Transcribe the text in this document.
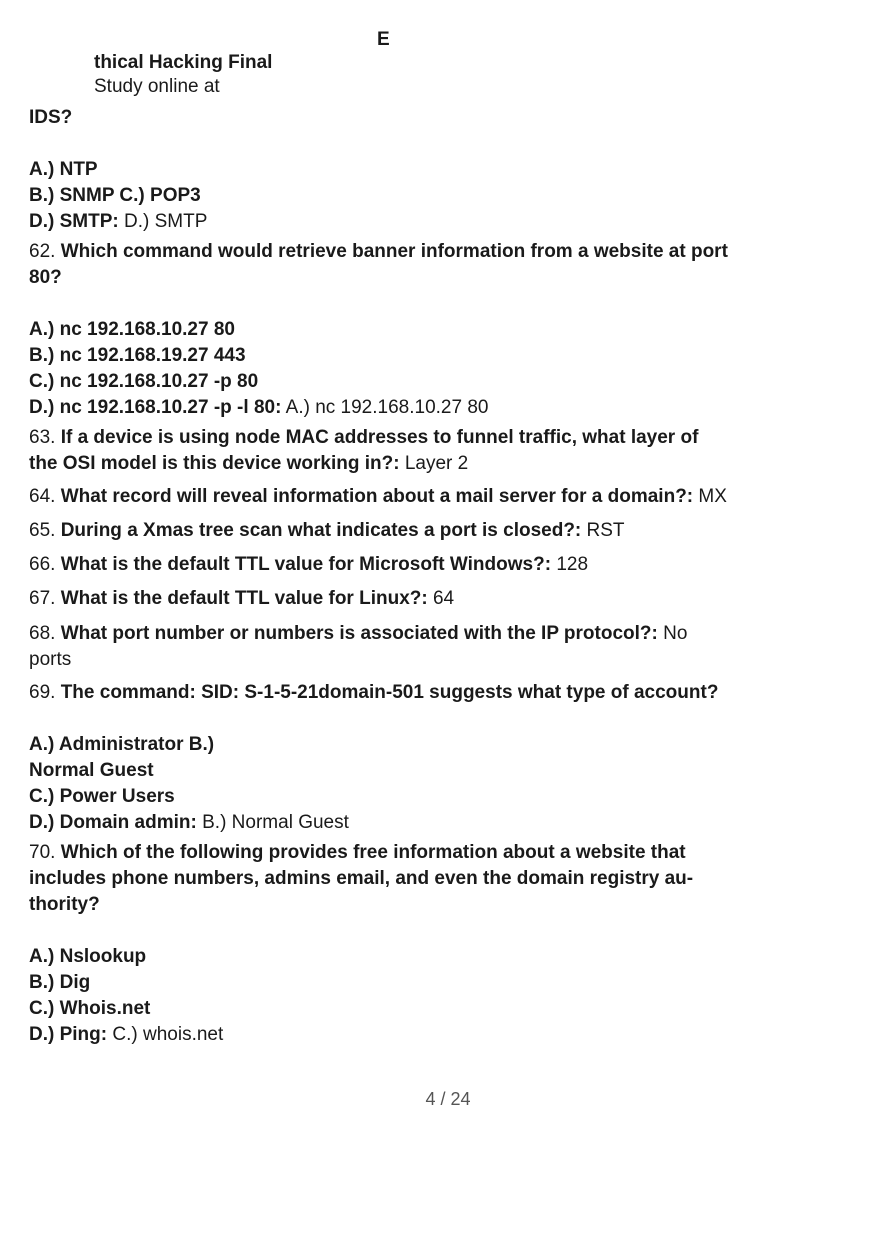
E
thical Hacking Final
Study online at
IDS?

A.) NTP
B.) SNMP C.) POP3
D.) SMTP: D.) SMTP
62. Which command would retrieve banner information from a website at port
80?

A.) nc 192.168.10.27 80
B.) nc 192.168.19.27 443
C.) nc 192.168.10.27 -p 80
D.) nc 192.168.10.27 -p -l 80: A.) nc 192.168.10.27 80
63. If a device is using node MAC addresses to funnel traffic, what layer of
the OSI model is this device working in?: Layer 2
64. What record will reveal information about a mail server for a domain?: MX
65. During a Xmas tree scan what indicates a port is closed?: RST
66. What is the default TTL value for Microsoft Windows?: 128
67. What is the default TTL value for Linux?: 64
68. What port number or numbers is associated with the IP protocol?: No
ports
69. The command: SID: S-1-5-21domain-501 suggests what type of account?

A.) Administrator B.)
Normal Guest
C.) Power Users
D.) Domain admin: B.) Normal Guest
70. Which of the following provides free information about a website that
includes phone numbers, admins email, and even the domain registry au-
thority?

A.) Nslookup
B.) Dig
C.) Whois.net
D.) Ping: C.) whois.net
4 / 24
